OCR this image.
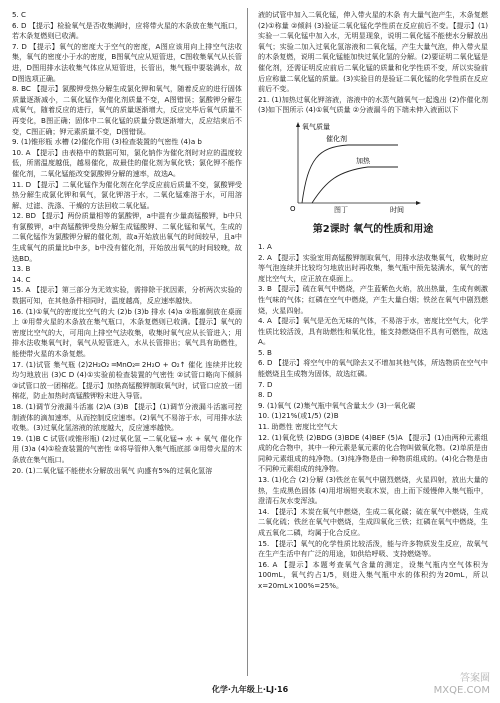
5. C

6. D 【提示】检验氧气是否收集满时，应将带火星的木条放在集气瓶口，若木条复燃则已收满。

7. D 【提示】氧气的密度大于空气的密度，A图应该用向上排空气法收集，氧气的密度小于水的密度，B图氧气应从短管进，C图收集氧气从长管进，D图用排水法收集气体应从短管进，长管出，集气瓶中要装满水，故D图选项正确。

8. BC 【提示】氯酸钾受热分解生成氯化钾和氧气，随着反应的进行固体质量逐渐减小，二氧化锰作为催化剂质量不变，A图错误；氯酸钾分解生成氧气，随着反应的进行，氧气的质量逐渐增大，反应完毕后氧气质量不再变化，B图正确；固体中二氧化锰的质量分数逐渐增大，反应结束后不变，C图正确；钾元素质量不变，D图错误。

9. (1)锥形瓶 水槽 (2)催化作用 (3)检查装置的气密性 (4)a b

10. A 【提示】由表格中的数据可知，氯化钠作为催化剂时对应的温度较低，所需温度越低，越易催化，故最佳的催化剂为氧化铁；氯化钾不能作催化剂，二氧化锰能改变氯酸钾分解的速率，故选A。

11. D 【提示】二氧化锰作为催化剂在化学反应前后质量不变，氯酸钾受热分解生成氯化钾和氧气，氯化钾溶于水，二氧化锰难溶于水，可用溶解、过滤、洗涤、干燥的方法回收二氧化锰。

12. BD 【提示】两份质量相等的氯酸钾，a中混有少量高锰酸钾，b中只有氯酸钾，a中高锰酸钾受热分解生成锰酸钾、二氧化锰和氧气，生成的二氧化锰作为氯酸钾分解的催化剂，故a开始放出氧气的时间较早，且a中生成氧气的质量比b中多，b中没有催化剂，开始放出氧气的时间较晚，故选BD。

13. B

14. C

15. A 【提示】第三部分为无效实验，需排除干扰因素，分析两次实验的数据可知，在其他条件相同时，温度越高，反应速率越快。

16. (1)①氧气的密度比空气的大 (2)b (3)b 排水 (4)a ②瓶塞倒放在桌面上 ③用带火星的木条放在集气瓶口，木条复燃则已收满。【提示】氧气的密度比空气的大，可用向上排空气法收集，收集时氧气应从长管进入；用排水法收集氧气时，氧气从短管进入，水从长管排出；氧气具有助燃性，能使带火星的木条复燃。

17. (1)试管 集气瓶 (2)2H₂O₂ ═MnO₂═ 2H₂O + O₂↑ 催化 连续并比较均匀地放出 (3)C D (4)①实验前检查装置的气密性 ②试管口略向下倾斜 ③试管口放一团棉花。【提示】加热高锰酸钾制取氧气时，试管口应放一团棉花，防止加热时高锰酸钾粉末进入导管。

18. (1)调节分液漏斗活塞 (2)A (3)B 【提示】(1)调节分液漏斗活塞可控制液体的滴加速率，从而控制反应速率。(2)氧气不易溶于水，可用排水法收集。(3)过氧化氢溶液的浓度越大，反应速率越快。

19. (1)B C 试管(或锥形瓶) (2)过氧化氢 ─二氧化锰→ 水 + 氧气 催化作用 (3)a (4)①检查装置的气密性 ②将导管伸入集气瓶底部 ③用带火星的木条放在集气瓶口。

20. (1)二氧化锰不能使水分解放出氧气 向盛有5%的过氧化氢溶

液的试管中加入二氧化锰，伸入带火星的木条 有大量气泡产生，木条复燃 (2)①称量 ②倾斜 (3)验证二氧化锰化学性质在反应前后不变。【提示】(1)实验一二氧化锰中加入水，无明显现象，说明二氧化锰不能使水分解放出氧气；实验二加入过氧化氢溶液和二氧化锰，产生大量气泡，伸入带火星的木条复燃，说明二氧化锰能加快过氧化氢的分解。(2)要证明二氧化锰是催化剂，还需证明反应前后二氧化锰的质量和化学性质不变，所以实验前后应称量二氧化锰的质量。(3)实验目的是验证二氧化锰的化学性质在反应前后不变。

21. (1)加热过氧化钾溶液，溶液中的水蒸气随氧气一起逸出 (2)作催化剂 (3)如下图所示 (4)①氧气质量 ②分液漏斗的下端未伸入液面以下

氧气质量
O	时间
催化剂
加热
图丁
第2课时 氧气的性质和用途

1. A

2. A 【提示】实验室用高锰酸钾制取氧气，用排水法收集氧气，收集时应等气泡连续并比较均匀地放出时再收集，集气瓶中预先装满水，氧气的密度比空气大，应正放在桌面上。

3. B 【提示】硫在氧气中燃烧，产生蓝紫色火焰，放出热量，生成有刺激性气味的气体；红磷在空气中燃烧，产生大量白烟；铁丝在氧气中剧烈燃烧，火星四射。

4. A 【提示】氧气是无色无味的气体，不易溶于水，密度比空气大，化学性质比较活泼，具有助燃性和氧化性，能支持燃烧但不具有可燃性，故选A。

5. B

6. D 【提示】将空气中的氧气除去又不增加其他气体，所选物质在空气中能燃烧且生成物为固体，故选红磷。

7. D

8. D

9. (1)氧气 (2)集气瓶中氧气含量太少 (3)一氧化碳

10. (1)21%(或1/5) (2)B

11. 助燃性 密度比空气大

12. (1)氧化铁 (2)BDG (3)BDE (4)BEF (5)A 【提示】(1)由两种元素组成的化合物中，其中一种元素是氧元素的化合物叫做氧化物。(2)单质是由同种元素组成的纯净物。(3)纯净物是由一种物质组成的。(4)化合物是由不同种元素组成的纯净物。

13. (1)化合 (2)分解 (3)铁丝在氧气中剧烈燃烧，火星四射，放出大量的热，生成黑色固体 (4)用坩埚钳夹取木炭，由上而下缓慢伸入集气瓶中，澄清石灰水变浑浊。

14. 【提示】木炭在氧气中燃烧，生成二氧化碳；硫在氧气中燃烧，生成二氧化硫；铁丝在氧气中燃烧，生成四氧化三铁；红磷在氧气中燃烧，生成五氧化二磷，均属于化合反应。

15. 【提示】氧气的化学性质比较活泼，能与许多物质发生反应，故氧气在生产生活中有广泛的用途，如供给呼吸、支持燃烧等。

16. A 【提示】本题考查氧气含量的测定，设集气瓶内空气体积为100mL，氧气约占1/5，则进入集气瓶中水的体积约为20mL，所以x=20mL×100%=25%。

化学·九年级上·LJ·16
答案圈
MXQE.COM
